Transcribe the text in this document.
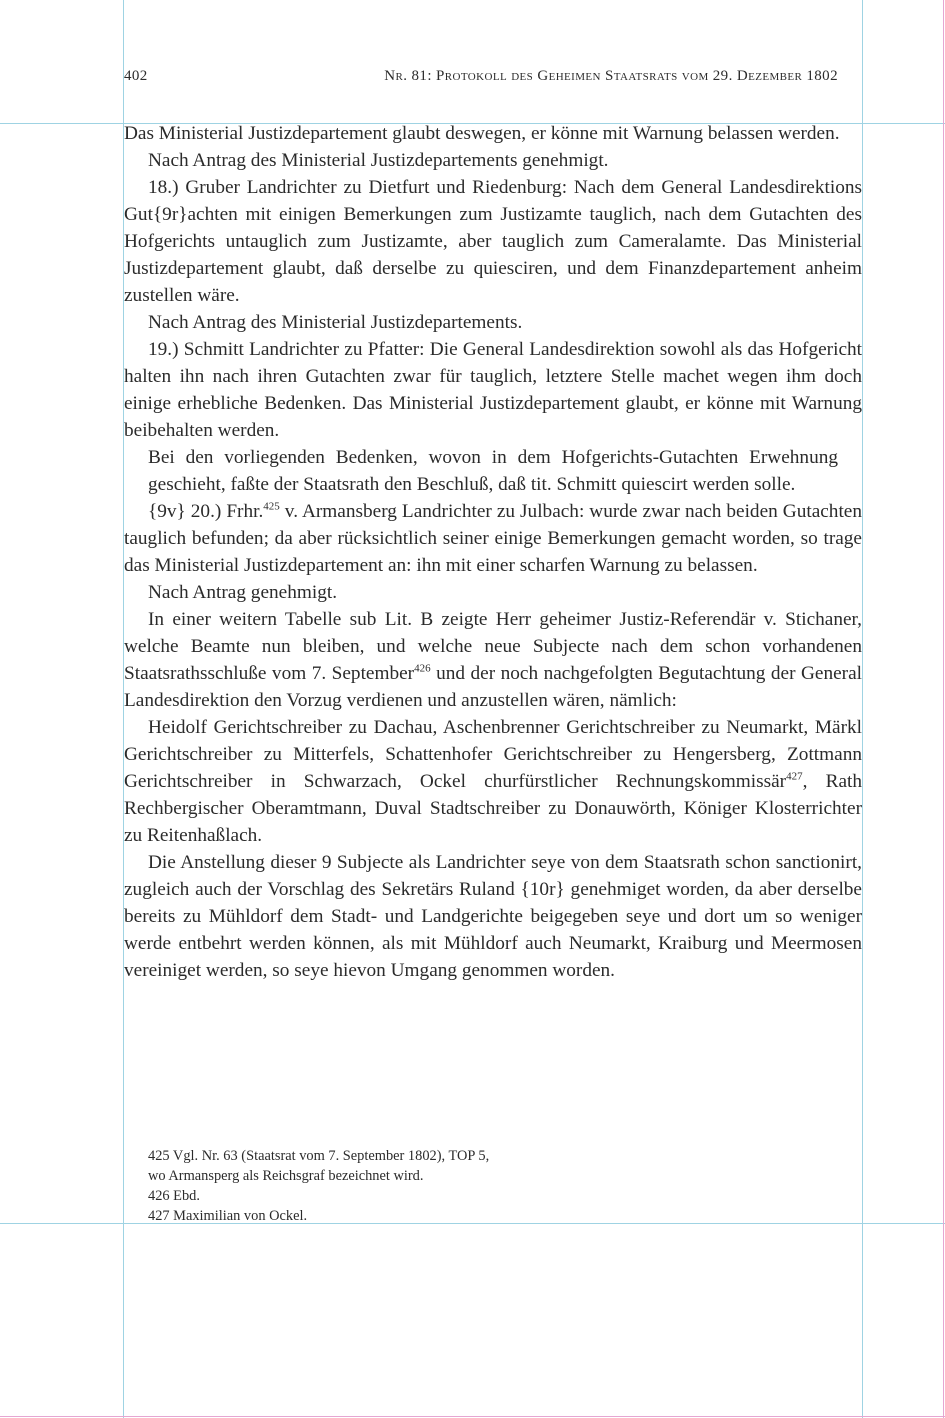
402	Nr. 81: Protokoll des Geheimen Staatsrats vom 29. Dezember 1802

Das Ministerial Justizdepartement glaubt deswegen, er könne mit Warnung belassen werden.

Nach Antrag des Ministerial Justizdepartements genehmigt.

18.) Gruber Landrichter zu Dietfurt und Riedenburg: Nach dem General Landesdirektions Gut{9r}achten mit einigen Bemerkungen zum Justizamte tauglich, nach dem Gutachten des Hofgerichts untauglich zum Justizamte, aber tauglich zum Cameralamte. Das Ministerial Justizdepartement glaubt, daß derselbe zu quiesciren, und dem Finanzdepartement anheim zustellen wäre.

Nach Antrag des Ministerial Justizdepartements.

19.) Schmitt Landrichter zu Pfatter: Die General Landesdirektion sowohl als das Hofgericht halten ihn nach ihren Gutachten zwar für tauglich, letztere Stelle machet wegen ihm doch einige erhebliche Bedenken. Das Ministerial Justizdepartement glaubt, er könne mit Warnung beibehalten werden.

Bei den vorliegenden Bedenken, wovon in dem Hofgerichts-Gutachten Erwehnung geschieht, faßte der Staatsrath den Beschluß, daß tit. Schmitt quiescirt werden solle.

{9v} 20.) Frhr.$^{425}$ v. Armansberg Landrichter zu Julbach: wurde zwar nach beiden Gutachten tauglich befunden; da aber rücksichtlich seiner einige Bemerkungen gemacht worden, so trage das Ministerial Justizdepartement an: ihn mit einer scharfen Warnung zu belassen.

Nach Antrag genehmigt.

In einer weitern Tabelle sub Lit. B zeigte Herr geheimer Justiz-Referendär v. Stichaner, welche Beamte nun bleiben, und welche neue Subjecte nach dem schon vorhandenen Staatsrathsschluße vom 7. September$^{426}$ und der noch nachgefolgten Begutachtung der General Landesdirektion den Vorzug verdienen und anzustellen wären, nämlich:

Heidolf Gerichtschreiber zu Dachau, Aschenbrenner Gerichtschreiber zu Neumarkt, Märkl Gerichtschreiber zu Mitterfels, Schattenhofer Gerichtschreiber zu Hengersberg, Zottmann Gerichtschreiber in Schwarzach, Ockel churfürstlicher Rechnungskommissär$^{427}$, Rath Rechbergischer Oberamtmann, Duval Stadtschreiber zu Donauwörth, Königer Klosterrichter zu Reitenhaßlach.

Die Anstellung dieser 9 Subjecte als Landrichter seye von dem Staatsrath schon sanctionirt, zugleich auch der Vorschlag des Sekretärs Ruland {10r} genehmiget worden, da aber derselbe bereits zu Mühldorf dem Stadt- und Landgerichte beigegeben seye und dort um so weniger werde entbehrt werden können, als mit Mühldorf auch Neumarkt, Kraiburg und Meermosen vereiniget werden, so seye hievon Umgang genommen worden.

425 Vgl. Nr. 63 (Staatsrat vom 7. September 1802), TOP 5,

wo Armansperg als Reichsgraf bezeichnet wird.

426 Ebd.

427 Maximilian von Ockel.
